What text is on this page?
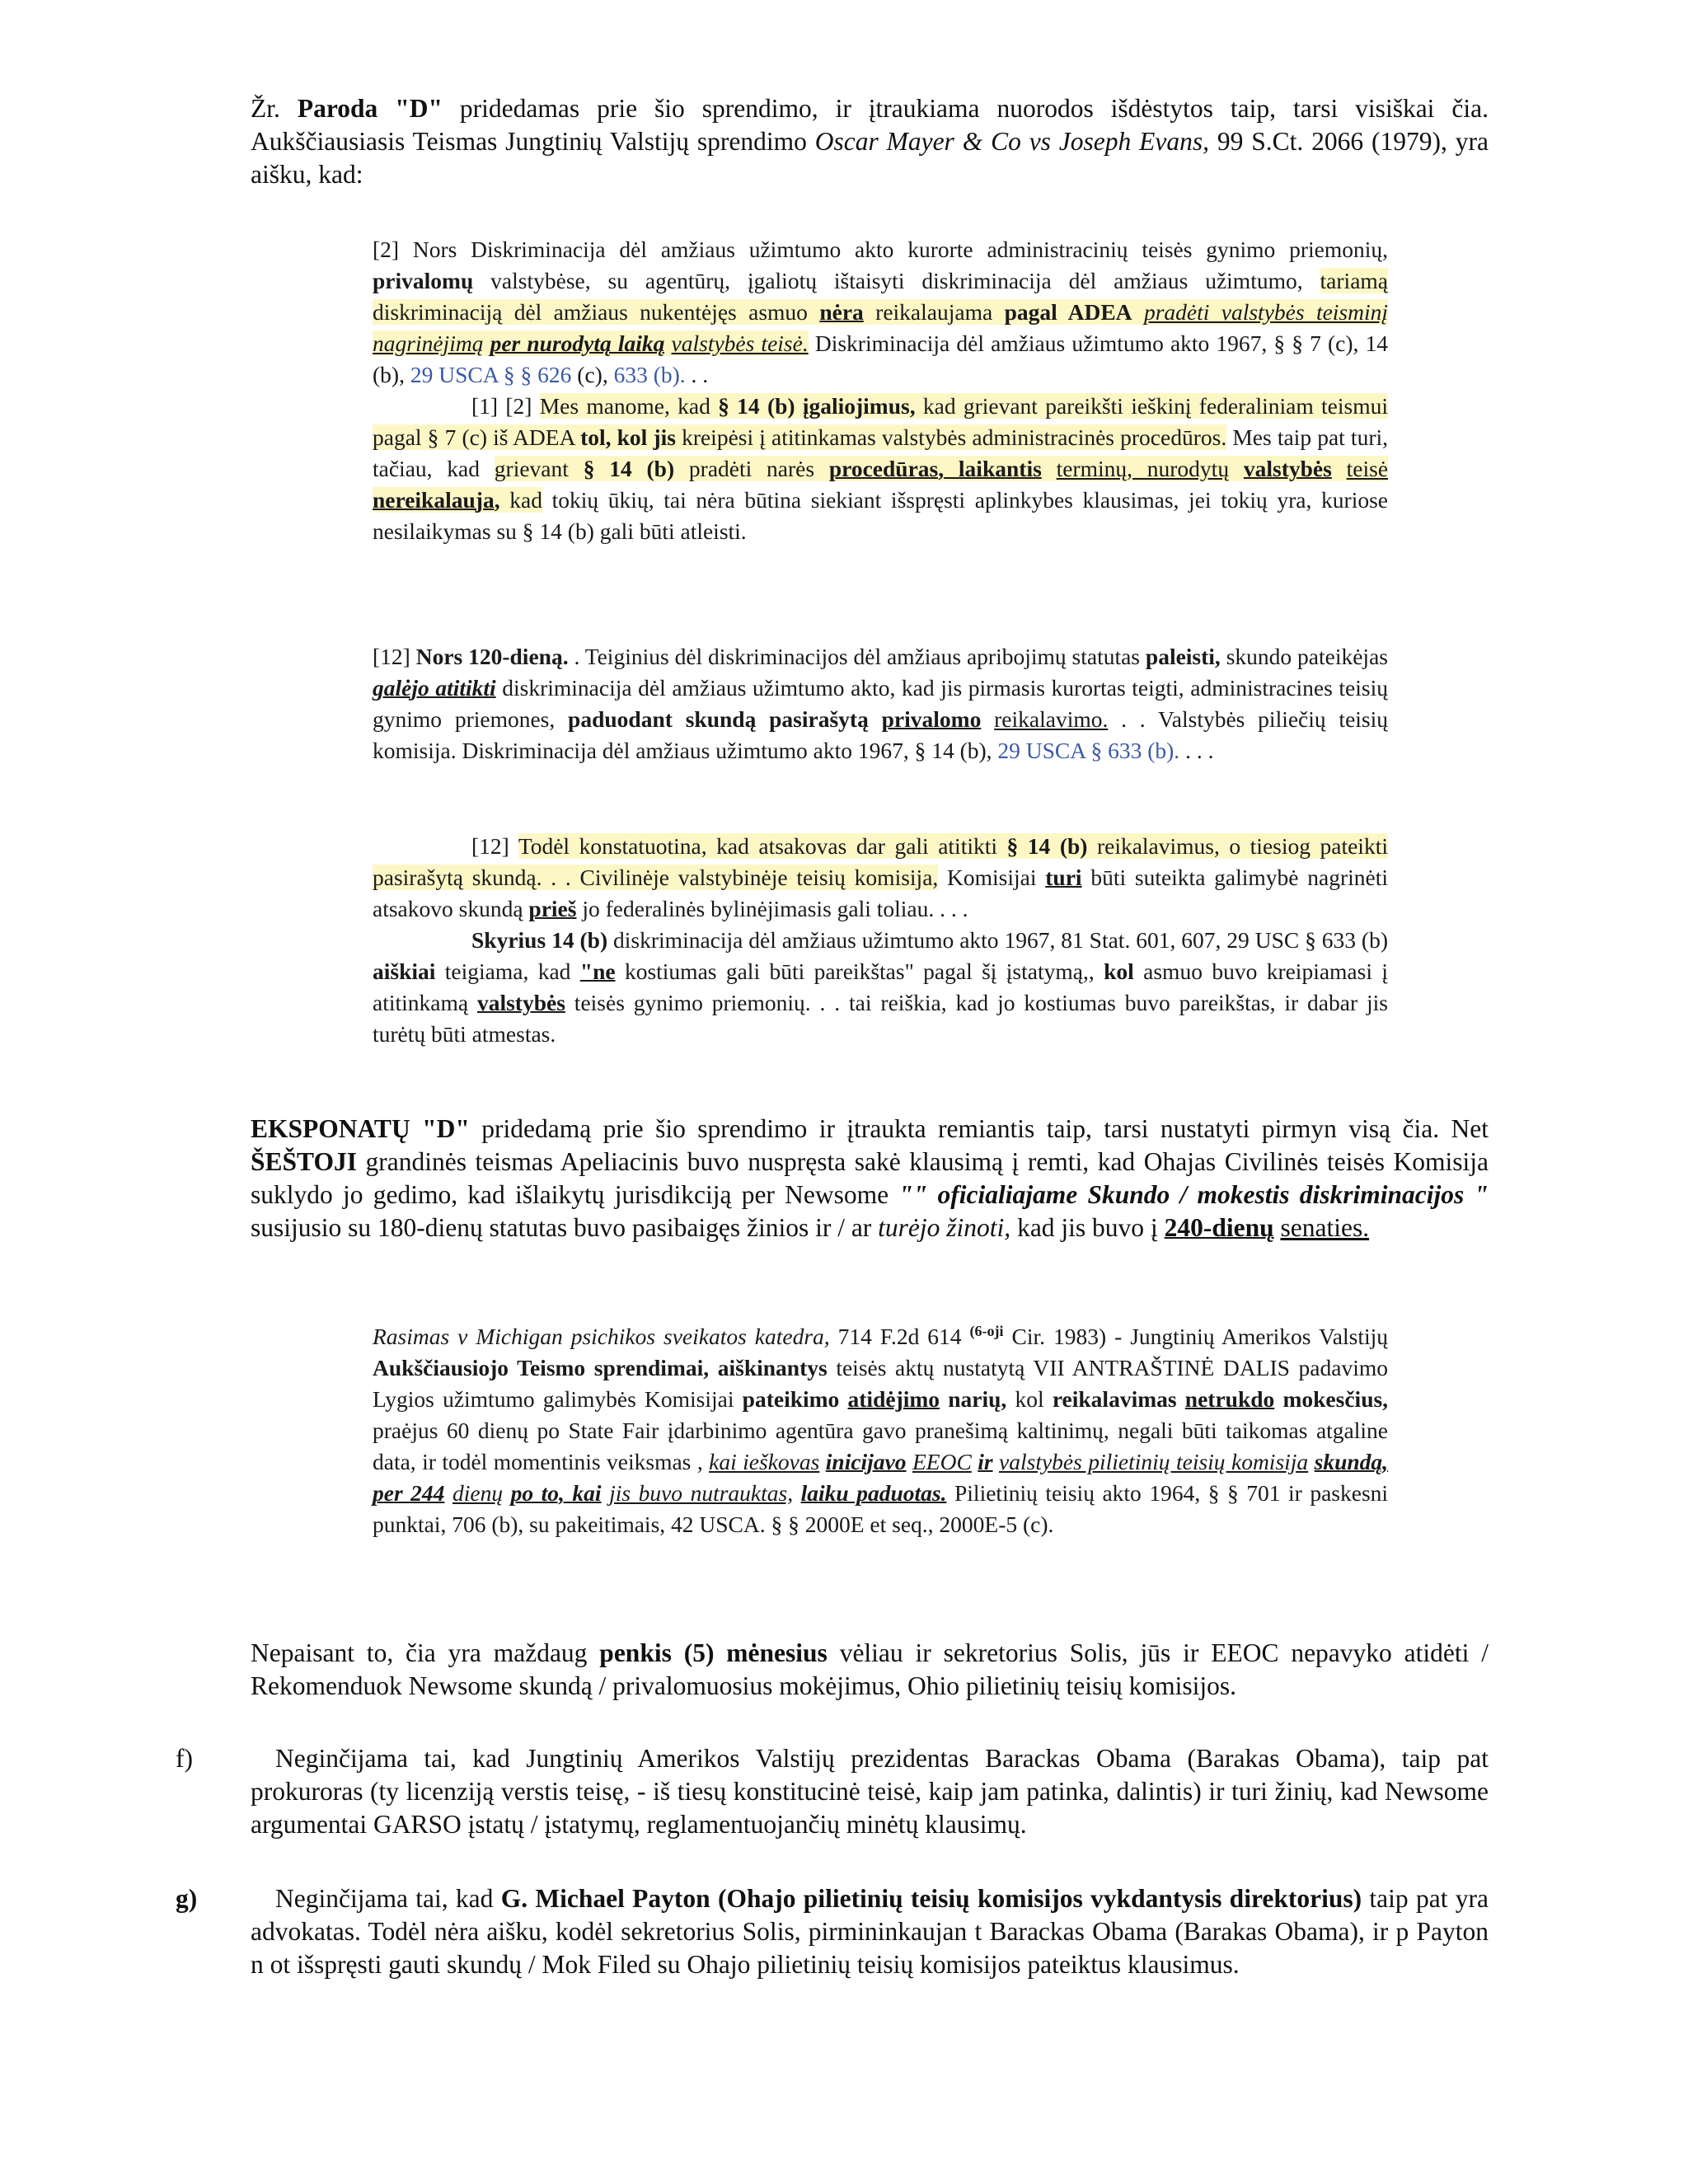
Žr. Paroda "D" pridedamas prie šio sprendimo, ir įtraukiama nuorodos išdėstytos taip, tarsi visiškai čia. Aukščiausiasis Teismas Jungtinių Valstijų sprendimo Oscar Mayer & Co vs Joseph Evans, 99 S.Ct. 2066 (1979), yra aišku, kad:

[2] Nors Diskriminacija dėl amžiaus užimtumo akto kurorte administracinių teisės gynimo priemonių, privalomų valstybėse, su agentūrų, įgaliotų ištaisyti diskriminacija dėl amžiaus užimtumo, tariamą diskriminaciją dėl amžiaus nukentėjęs asmuo nėra reikalaujama pagal ADEA pradėti valstybės teisminį nagrinėjimą per nurodytą laiką valstybės teisė. Diskriminacija dėl amžiaus užimtumo akto 1967, § § 7 (c), 14 (b), 29 USCA § § 626 (c), 633 (b). . .

[1] [2] Mes manome, kad § 14 (b) įgaliojimus, kad grievant pareikšti ieškinį federaliniam teismui pagal § 7 (c) iš ADEA tol, kol jis kreipėsi į atitinkamas valstybės administracinės procedūros. Mes taip pat turi, tačiau, kad grievant § 14 (b) pradėti narės procedūras, laikantis terminų, nurodytų valstybės teisė nereikalauja, kad tokių ūkių, tai nėra būtina siekiant išspręsti aplinkybes klausimas, jei tokių yra, kuriose nesilaikymas su § 14 (b) gali būti atleisti.

[12] Nors 120-dieną. . Teiginius dėl diskriminacijos dėl amžiaus apribojimų statutas paleisti, skundo pateikėjas galėjo atitikti diskriminacija dėl amžiaus užimtumo akto, kad jis pirmasis kurortas teigti, administracines teisių gynimo priemones, paduodant skundą pasirašytą privalomo reikalavimo. . . Valstybės piliečių teisių komisija. Diskriminacija dėl amžiaus užimtumo akto 1967, § 14 (b), 29 USCA § 633 (b). . . .

[12] Todėl konstatuotina, kad atsakovas dar gali atitikti § 14 (b) reikalavimus, o tiesiog pateikti pasirašytą skundą. . . Civilinėje valstybinėje teisių komisija, Komisijai turi būti suteikta galimybė nagrinėti atsakovo skundą prieš jo federalinės bylinėjimasis gali toliau. . . .

Skyrius 14 (b) diskriminacija dėl amžiaus užimtumo akto 1967, 81 Stat. 601, 607, 29 USC § 633 (b) aiškiai teigiama, kad "ne kostiumas gali būti pareikštas" pagal šį įstatymą,, kol asmuo buvo kreipiamasi į atitinkamą valstybės teisės gynimo priemonių. . . tai reiškia, kad jo kostiumas buvo pareikštas, ir dabar jis turėtų būti atmestas.

EKSPONATŲ "D" pridedamą prie šio sprendimo ir įtraukta remiantis taip, tarsi nustatyti pirmyn visą čia. Net ŠEŠTOJI grandinės teismas Apeliacinis buvo nuspręsta sakė klausimą į remti, kad Ohajas Civilinės teisės Komisija suklydo jo gedimo, kad išlaikytų jurisdikciją per Newsome "" oficialiajame Skundo / mokestis diskriminacijos " susijusio su 180-dienų statutas buvo pasibaigęs žinios ir / ar turėjo žinoti, kad jis buvo į 240-dienų senaties.
Rasimas v Michigan psichikos sveikatos katedra, 714 F.2d 614 $^{(6-oji}$ Cir. 1983) - Jungtinių Amerikos Valstijų Aukščiausiojo Teismo sprendimai, aiškinantys teisės aktų nustatytą VII ANTRAŠTINĖ DALIS padavimo Lygios užimtumo galimybės Komisijai pateikimo atidėjimo narių, kol reikalavimas netrukdo mokesčius, praėjus 60 dienų po State Fair įdarbinimo agentūra gavo pranešimą kaltinimų, negali būti taikomas atgaline data, ir todėl momentinis veiksmas , kai ieškovas inicijavo EEOC ir valstybės pilietinių teisių komisija skundą, per 244 dienų po to, kai jis buvo nutrauktas, laiku paduotas. Pilietinių teisių akto 1964, § § 701 ir paskesni punktai, 706 (b), su pakeitimais, 42 USCA. § § 2000E et seq., 2000E-5 (c).
Nepaisant to, čia yra maždaug penkis (5) mėnesius vėliau ir sekretorius Solis, jūs ir EEOC nepavyko atidėti / Rekomenduok Newsome skundą / privalomuosius mokėjimus, Ohio pilietinių teisių komisijos.
f)	Neginčijama tai, kad Jungtinių Amerikos Valstijų prezidentas Barackas Obama (Barakas Obama), taip pat prokuroras (ty licenziją verstis teisę, - iš tiesų konstitucinė teisė, kaip jam patinka, dalintis) ir turi žinių, kad Newsome argumentai GARSO įstatų / įstatymų, reglamentuojančių minėtų klausimų.
g)	Neginčijama tai, kad G. Michael Payton (Ohajo pilietinių teisių komisijos vykdantysis direktorius) taip pat yra advokatas. Todėl nėra aišku, kodėl sekretorius Solis, pirmininkaujan t Barackas Obama (Barakas Obama), ir p Payton n ot išspręsti gauti skundų / Mok Filed su Ohajo pilietinių teisių komisijos pateiktus klausimus.
